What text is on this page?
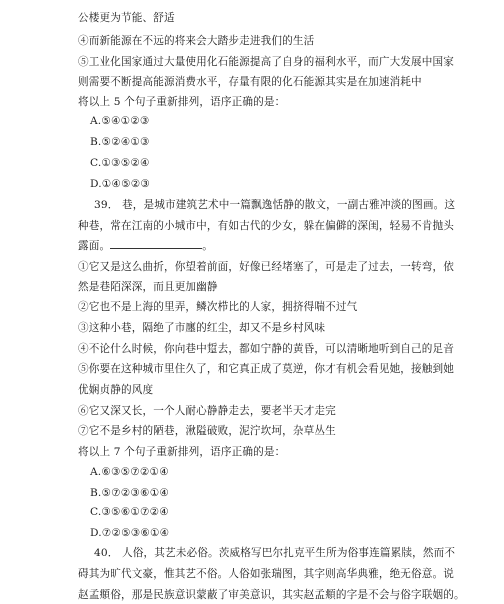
公楼更为节能、舒适
④而新能源在不远的将来会大踏步走进我们的生活
⑤工业化国家通过大量使用化石能源提高了自身的福利水平，而广大发展中国家
则需要不断提高能源消费水平，存量有限的化石能源其实是在加速消耗中
将以上 5 个句子重新排列，语序正确的是：
A.⑤④①②③
B.⑤②④①③
C.①③⑤②④
D.①④⑤②③
39． 巷，是城市建筑艺术中一篇飘逸恬静的散文，一副古雅冲淡的图画。这
种巷，常在江南的小城市中，有如古代的少女，躲在偏僻的深闺，轻易不肯抛头
露面。	。
①它又是这么曲折，你望着前面，好像已经堵塞了，可是走了过去，一转弯，依
然是巷陌深深，而且更加幽静
②它也不是上海的里弄，鳞次栉比的人家，拥挤得喘不过气
③这种小巷，隔绝了市廛的红尘，却又不是乡村风味
④不论什么时候，你向巷中踅去，都如宁静的黄昏，可以清晰地听到自己的足音
⑤你要在这种城市里住久了，和它真正成了莫逆，你才有机会看见她，接触到她
优娴贞静的风度
⑥它又深又长，一个人耐心静静走去，要老半天才走完
⑦它不是乡村的陋巷，湫隘破败，泥泞坎坷，杂草丛生
将以上 7 个句子重新排列，语序正确的是：
A.⑥③⑤⑦②①④
B.⑤⑦②③⑥①④
C.③⑤⑥①⑦②④
D.⑦②⑤③⑥①④
40． 人俗，其艺未必俗。茨威格写巴尔扎克平生所为俗事连篇累牍，然而不
碍其为旷代文豪，惟其艺不俗。人俗如张瑞图，其字则高华典雅，绝无俗意。说
赵孟頫俗，那是民族意识蒙蔽了审美意识，其实赵孟頫的字是不会与俗字联姻的。
